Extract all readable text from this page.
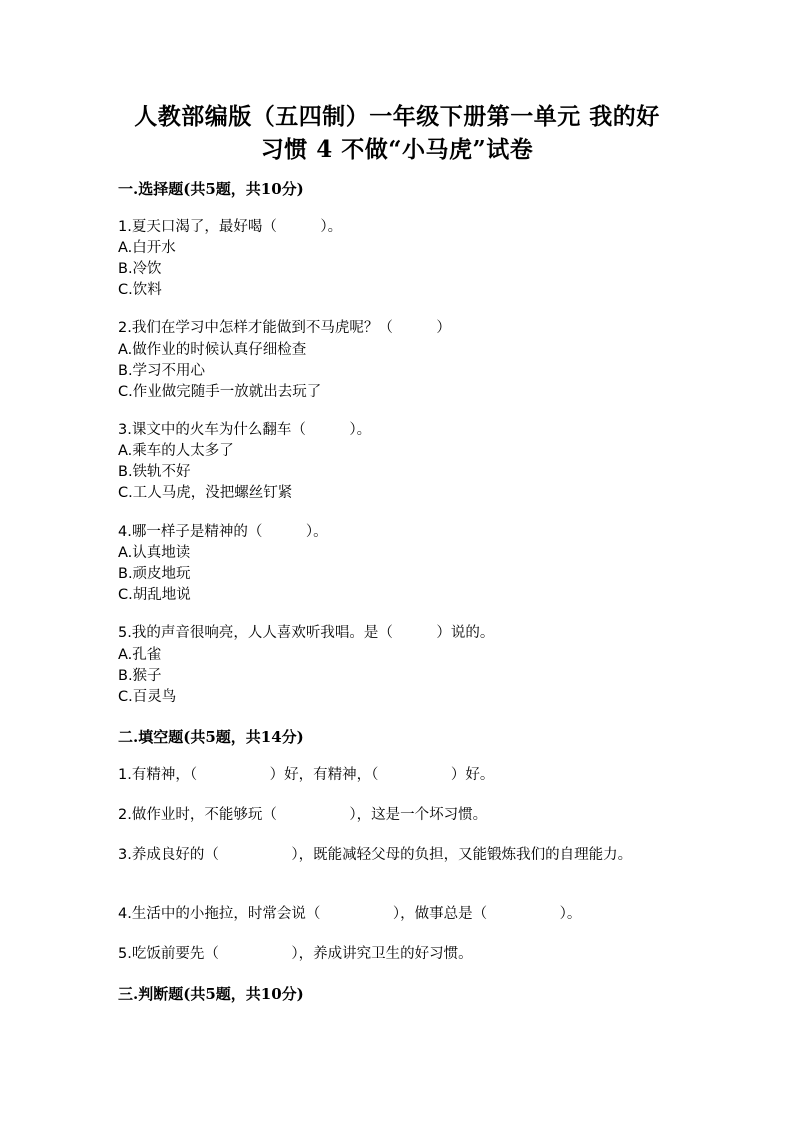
人教部编版（五四制）一年级下册第一单元 我的好
习惯 4 不做“小马虎”试卷
一.选择题(共5题，共10分)
1.夏天口渴了，最好喝（　　　）。
A.白开水
B.冷饮
C.饮料
2.我们在学习中怎样才能做到不马虎呢？（　　　）
A.做作业的时候认真仔细检查
B.学习不用心
C.作业做完随手一放就出去玩了
3.课文中的火车为什么翻车（　　　）。
A.乘车的人太多了
B.铁轨不好
C.工人马虎，没把螺丝钉紧
4.哪一样子是精神的（　　　）。
A.认真地读
B.顽皮地玩
C.胡乱地说
5.我的声音很响亮，人人喜欢听我唱。是（　　　）说的。
A.孔雀
B.猴子
C.百灵鸟
二.填空题(共5题，共14分)
1.有精神，（　　　　　）好，有精神，（　　　　　）好。
2.做作业时，不能够玩（　　　　　），这是一个坏习惯。
3.养成良好的（　　　　　），既能减轻父母的负担，又能锻炼我们的自理能力。
4.生活中的小拖拉，时常会说（　　　　　），做事总是（　　　　　）。
5.吃饭前要先（　　　　　），养成讲究卫生的好习惯。
三.判断题(共5题，共10分)
